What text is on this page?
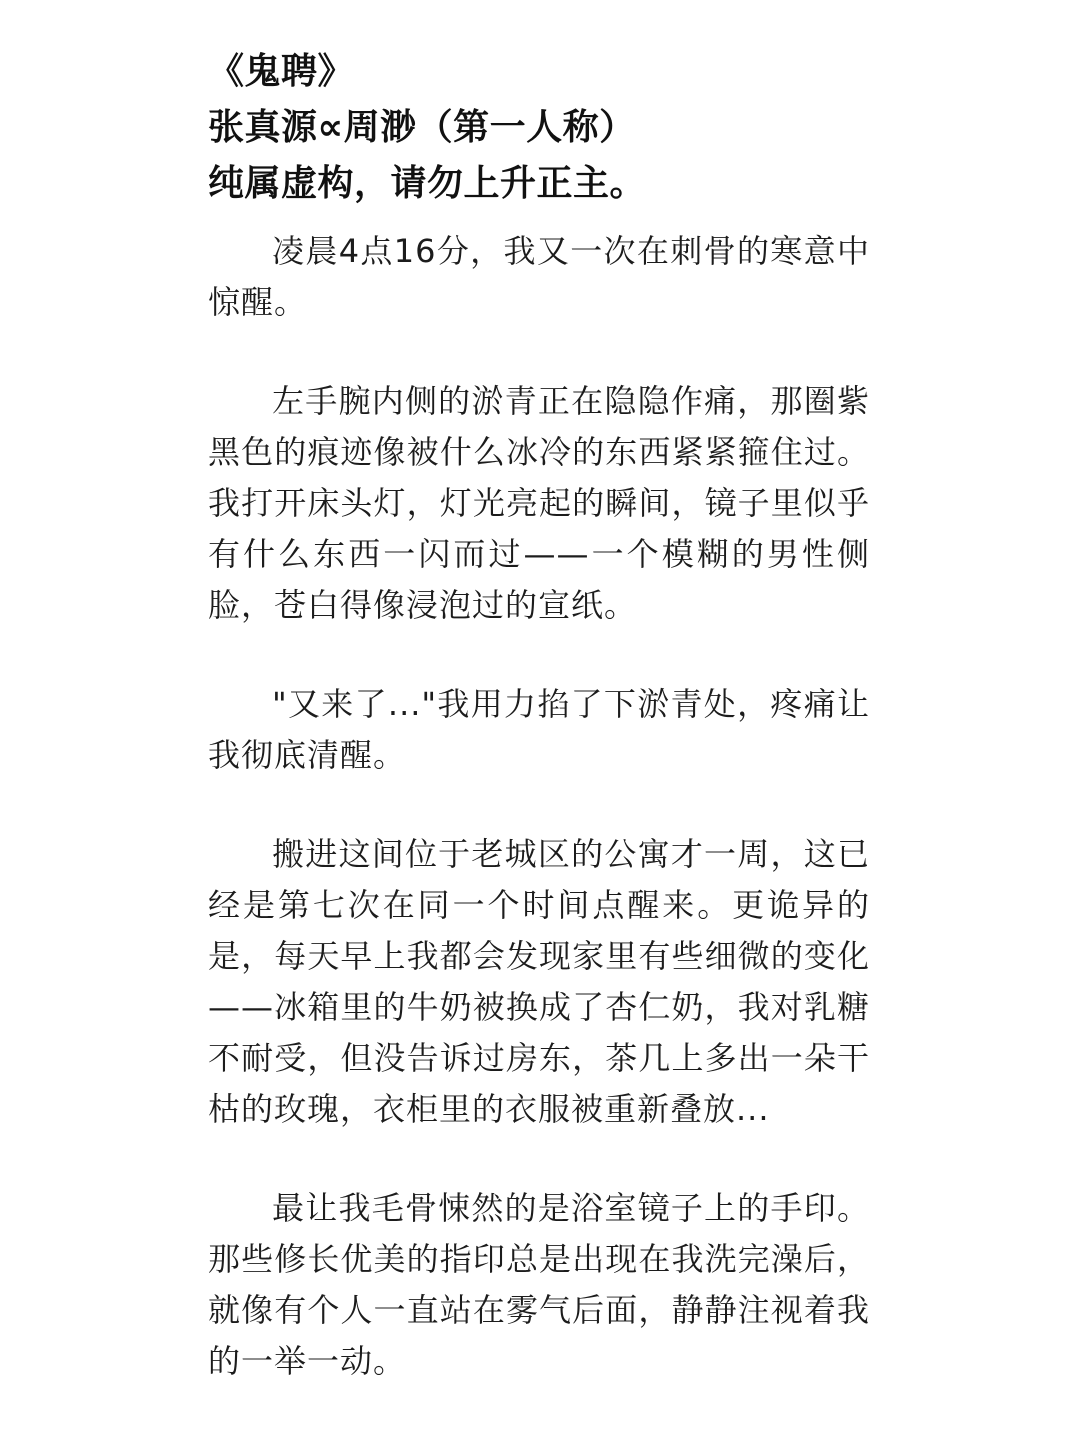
《鬼聘》
张真源∝周渺（第一人称）
纯属虚构，请勿上升正主。

凌晨4点16分，我又一次在刺骨的寒意中惊醒。

左手腕内侧的淤青正在隐隐作痛，那圈紫黑色的痕迹像被什么冰冷的东西紧紧箍住过。我打开床头灯，灯光亮起的瞬间，镜子里似乎有什么东西一闪而过——一个模糊的男性侧脸，苍白得像浸泡过的宣纸。

"又来了..."我用力掐了下淤青处，疼痛让我彻底清醒。

搬进这间位于老城区的公寓才一周，这已经是第七次在同一个时间点醒来。更诡异的是，每天早上我都会发现家里有些细微的变化——冰箱里的牛奶被换成了杏仁奶，我对乳糖不耐受，但没告诉过房东，茶几上多出一朵干枯的玫瑰，衣柜里的衣服被重新叠放...

最让我毛骨悚然的是浴室镜子上的手印。那些修长优美的指印总是出现在我洗完澡后，就像有个人一直站在雾气后面，静静注视着我的一举一动。
